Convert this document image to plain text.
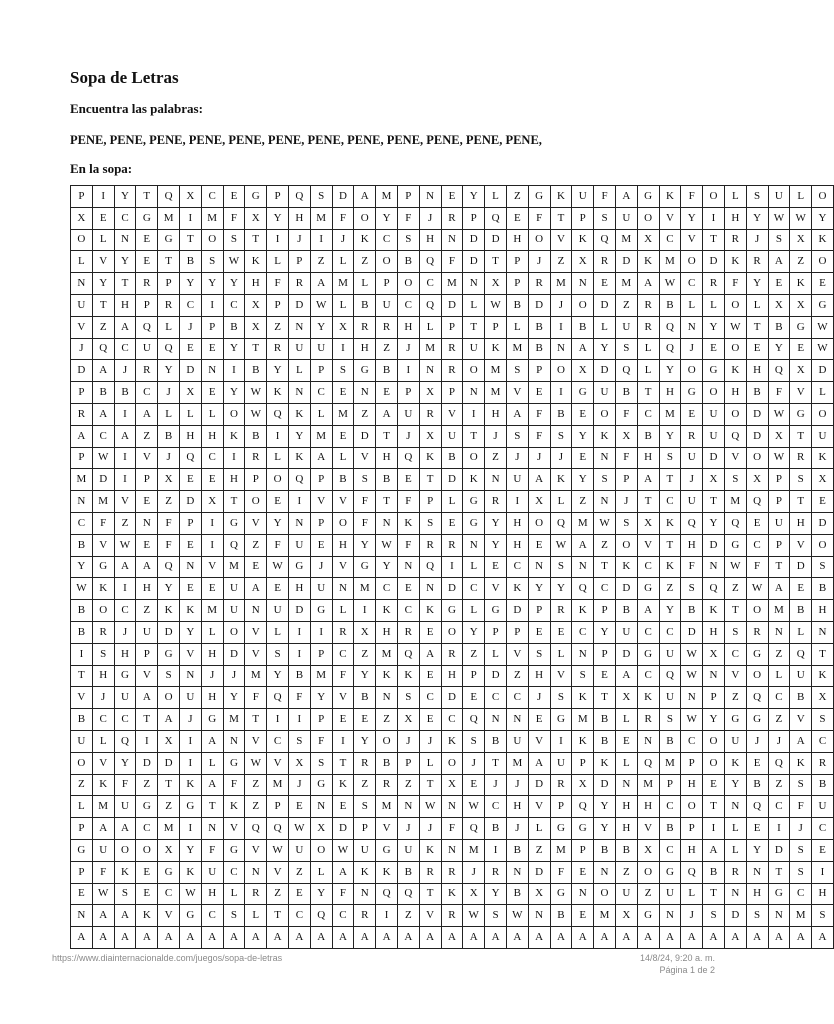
Sopa de Letras
Encuentra las palabras:
PENE, PENE, PENE, PENE, PENE, PENE, PENE, PENE, PENE, PENE, PENE, PENE,
En la sopa:
P	I	Y	T	Q	X	C	E	G	P	Q	S	D	A	M	P	N	E	Y	L	Z	G	K	U	F	A	G	K	F	O	L	S	U	L	O
X	E	C	G	M	I	M	F	X	Y	H	M	F	O	Y	F	J	R	P	Q	E	F	T	P	S	U	O	V	Y	I	H	Y	W	W	Y
O	L	N	E	G	T	O	S	T	I	J	I	J	K	C	S	H	N	D	D	H	O	V	K	Q	M	X	C	V	T	R	J	S	X	K
L	V	Y	E	T	B	S	W	K	L	P	Z	L	Z	O	B	Q	F	D	T	P	J	Z	X	R	D	K	M	O	D	K	R	A	Z	O
N	Y	T	R	P	Y	Y	Y	H	F	R	A	M	L	P	O	C	M	N	X	P	R	M	N	E	M	A	W	C	R	F	Y	E	K	E
U	T	H	P	R	C	I	C	X	P	D	W	L	B	U	C	Q	D	L	W	B	D	J	O	D	Z	R	B	L	L	O	L	X	X	G
V	Z	A	Q	L	J	P	B	X	Z	N	Y	X	R	R	H	L	P	T	P	L	B	I	B	L	U	R	Q	N	Y	W	T	B	G	W
J	Q	C	U	Q	E	E	Y	T	R	U	U	I	H	Z	J	M	R	U	K	M	B	N	A	Y	S	L	Q	J	E	O	E	Y	E	W
D	A	J	R	Y	D	N	I	B	Y	L	P	S	G	B	I	N	R	O	M	S	P	O	X	D	Q	L	Y	O	G	K	H	Q	X	D
P	B	B	C	J	X	E	Y	W	K	N	C	E	N	E	P	X	P	N	M	V	E	I	G	U	B	T	H	G	O	H	B	F	V	L
R	A	I	A	L	L	L	O	W	Q	K	L	M	Z	A	U	R	V	I	H	A	F	B	E	O	F	C	M	E	U	O	D	W	G	O
A	C	A	Z	B	H	H	K	B	I	Y	M	E	D	T	J	X	U	T	J	S	F	S	Y	K	X	B	Y	R	U	Q	D	X	T	U
P	W	I	V	J	Q	C	I	R	L	K	A	L	V	H	Q	K	B	O	Z	J	J	J	E	N	F	H	S	U	D	V	O	W	R	K
M	D	I	P	X	E	E	H	P	O	Q	P	B	S	B	E	T	D	K	N	U	A	K	Y	S	P	A	T	J	X	S	X	P	S	X
N	M	V	E	Z	D	X	T	O	E	I	V	V	F	T	F	P	L	G	R	I	X	L	Z	N	J	T	C	U	T	M	Q	P	T	E
C	F	Z	N	F	P	I	G	V	Y	N	P	O	F	N	K	S	E	G	Y	H	O	Q	M	W	S	X	K	Q	Y	Q	E	U	H	D
B	V	W	E	F	E	I	Q	Z	F	U	E	H	Y	W	F	R	R	N	Y	H	E	W	A	Z	O	V	T	H	D	G	C	P	V	O
Y	G	A	A	Q	N	V	M	E	W	G	J	V	G	Y	N	Q	I	L	E	C	N	S	N	T	K	C	K	F	N	W	F	T	D	S
W	K	I	H	Y	E	E	U	A	E	H	U	N	M	C	E	N	D	C	V	K	Y	Y	Q	C	D	G	Z	S	Q	Z	W	A	E	B
B	O	C	Z	K	K	M	U	N	U	D	G	L	I	K	C	K	G	L	G	D	P	R	K	P	B	A	Y	B	K	T	O	M	B	H
B	R	J	U	D	Y	L	O	V	L	I	I	R	X	H	R	E	O	Y	P	P	E	E	C	Y	U	C	C	D	H	S	R	N	L	N
I	S	H	P	G	V	H	D	V	S	I	P	C	Z	M	Q	A	R	Z	L	V	S	L	N	P	D	G	U	W	X	C	G	Z	Q	T
T	H	G	V	S	N	J	J	M	Y	B	M	F	Y	K	K	E	H	P	D	Z	H	V	S	E	A	C	Q	W	N	V	O	L	U	K
V	J	U	A	O	U	H	Y	F	Q	F	Y	V	B	N	S	C	D	E	C	C	J	S	K	T	X	K	U	N	P	Z	Q	C	B	X
B	C	C	T	A	J	G	M	T	I	I	P	E	E	Z	X	E	C	Q	N	N	E	G	M	B	L	R	S	W	Y	G	G	Z	V	S
U	L	Q	I	X	I	A	N	V	C	S	F	I	Y	O	J	J	K	S	B	U	V	I	K	B	E	N	B	C	O	U	J	J	A	C
O	V	Y	D	D	I	L	G	W	V	X	S	T	R	B	P	L	O	J	T	M	A	U	P	K	L	Q	M	P	O	K	E	Q	K	R
Z	K	F	Z	T	K	A	F	Z	M	J	G	K	Z	R	Z	T	X	E	J	J	D	R	X	D	N	M	P	H	E	Y	B	Z	S	B
L	M	U	G	Z	G	T	K	Z	P	E	N	E	S	M	N	W	N	W	C	H	V	P	Q	Y	H	H	C	O	T	N	Q	C	F	U
P	A	A	C	M	I	N	V	Q	Q	W	X	D	P	V	J	J	F	Q	B	J	L	G	G	Y	H	V	B	P	I	L	E	I	J	C
G	U	O	O	X	Y	F	G	V	W	U	O	W	U	G	U	K	N	M	I	B	Z	M	P	B	B	X	C	H	A	L	Y	D	S	E
P	F	K	E	G	K	U	C	N	V	Z	L	A	K	K	B	R	R	J	R	N	D	F	E	N	Z	O	G	Q	B	R	N	T	S	I
E	W	S	E	C	W	H	L	R	Z	E	Y	F	N	Q	Q	T	K	X	Y	B	X	G	N	O	U	Z	U	L	T	N	H	G	C	H
N	A	A	K	V	G	C	S	L	T	C	Q	C	R	I	Z	V	R	W	S	W	N	B	E	M	X	G	N	J	S	D	S	N	M	S
A	A	A	A	A	A	A	A	A	A	A	A	A	A	A	A	A	A	A	A	A	A	A	A	A	A	A	A	A	A	A	A	A	A	A
https://www.diainternacionalde.com/juegos/sopa-de-letras	14/8/24, 9:20 a. m.
Página 1 de 2
